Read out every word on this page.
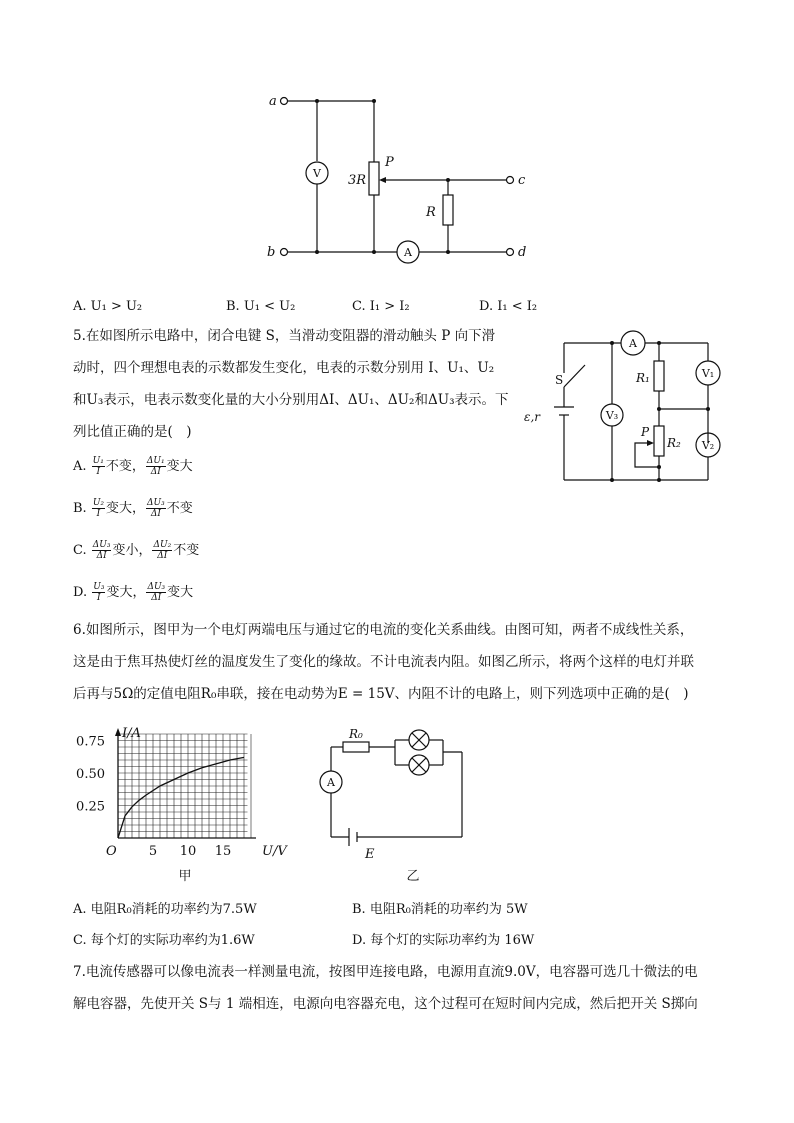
a
b
c
d
P
3R
R
V
A
A. U₁ > U₂	B. U₁ < U₂	C. I₁ > I₂	D. I₁ < I₂
5.在如图所示电路中，闭合电键 S，当滑动变阻器的滑动触头 P 向下滑
动时，四个理想电表的示数都发生变化，电表的示数分别用 I、U₁、U₂
和U₃表示，电表示数变化量的大小分别用ΔI、ΔU₁、ΔU₂和ΔU₃表示。下
列比值正确的是(　)
A. $\frac{\text{U₁}}{I}$ 不变， $\frac{\text{ΔU₁}}{\Delta I}$ 变大
B. $\frac{\text{U₂}}{I}$ 变大， $\frac{\text{ΔU₃}}{\Delta I}$ 不变
C. $\frac{\text{ΔU₃}}{\Delta I}$ 变小， $\frac{\text{ΔU₂}}{\Delta I}$ 不变
D. $\frac{\text{U₃}}{I}$ 变大， $\frac{\text{ΔU₃}}{\Delta I}$ 变大
S
ε,r
R₁
P
R₂
A
V₁
V₃
V₂
6.如图所示，图甲为一个电灯两端电压与通过它的电流的变化关系曲线。由图可知，两者不成线性关系，
这是由于焦耳热使灯丝的温度发生了变化的缘故。不计电流表内阻。如图乙所示，将两个这样的电灯并联
后再与5Ω的定值电阻R₀串联，接在电动势为E = 15V、内阻不计的电路上，则下列选项中正确的是(　)
5 10 15
0.25
0.50
0.75
I/A
U/V
O
甲
R₀
A
E
乙
A. 电阻R₀消耗的功率约为7.5W	B. 电阻R₀消耗的功率约为 5W
C. 每个灯的实际功率约为1.6W	D. 每个灯的实际功率约为 16W
7.电流传感器可以像电流表一样测量电流，按图甲连接电路，电源用直流9.0V，电容器可选几十微法的电
解电容器，先使开关 S与 1 端相连，电源向电容器充电，这个过程可在短时间内完成，然后把开关 S掷向
